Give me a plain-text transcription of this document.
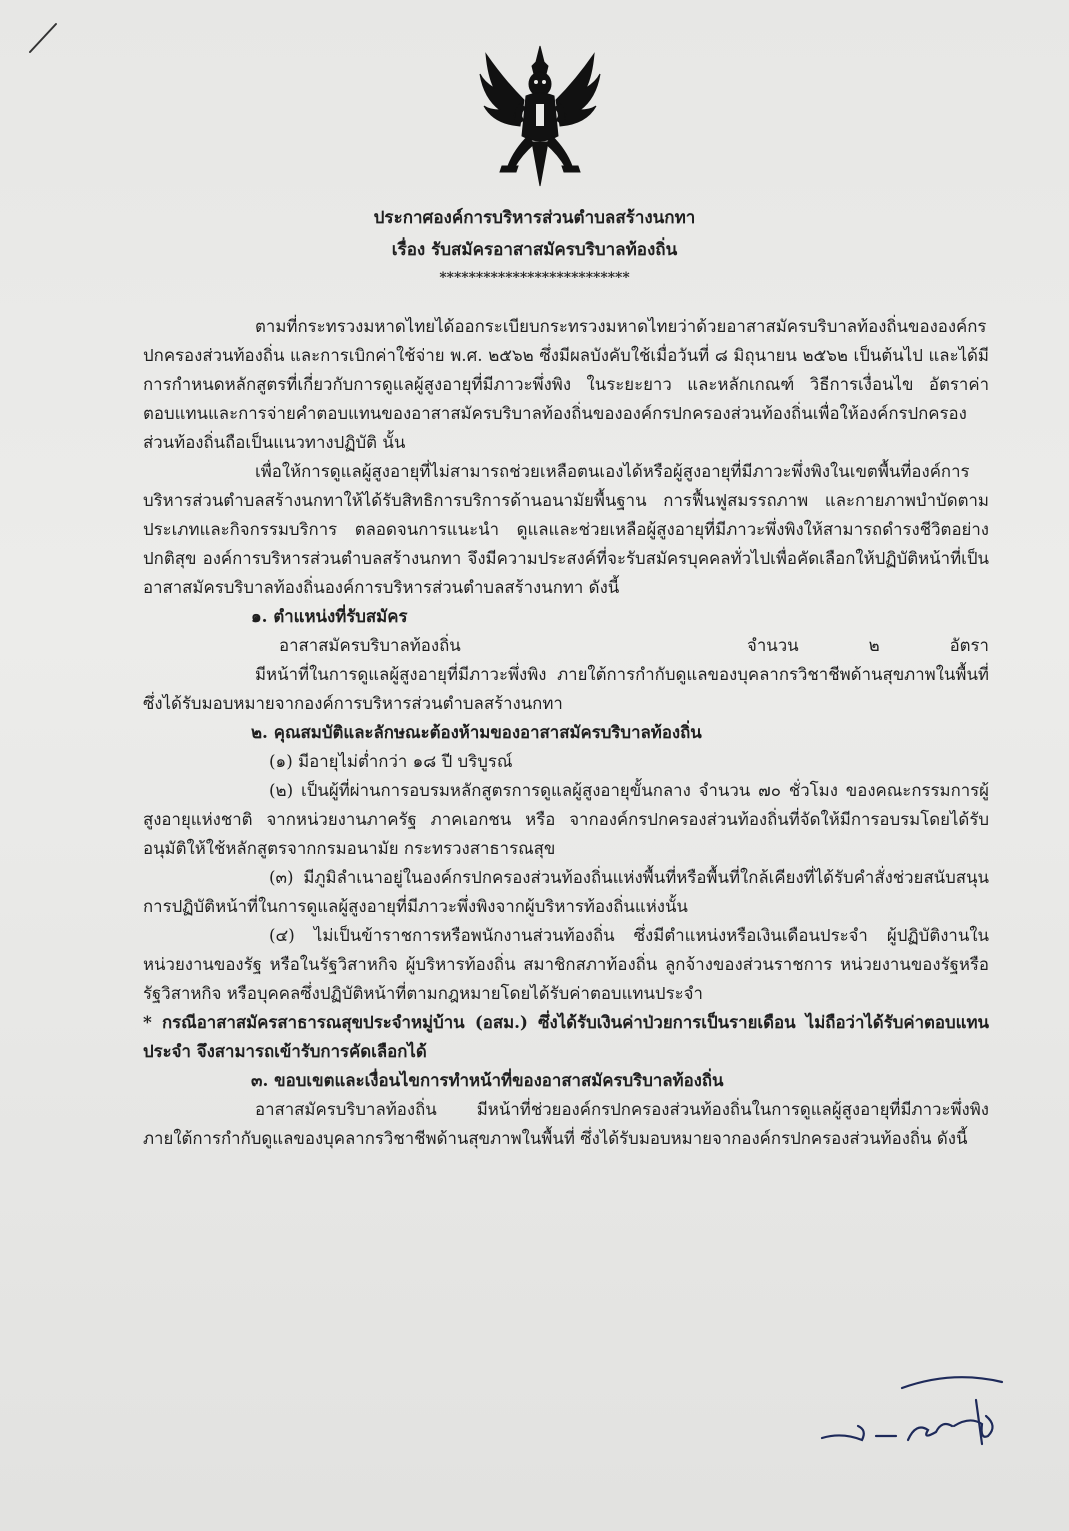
ประกาศองค์การบริหารส่วนตำบลสร้างนกทา
เรื่อง รับสมัครอาสาสมัครบริบาลท้องถิ่น
**************************

ตามที่กระทรวงมหาดไทยได้ออกระเบียบกระทรวงมหาดไทยว่าด้วยอาสาสมัครบริบาลท้องถิ่นขององค์กรปกครองส่วนท้องถิ่น และการเบิกค่าใช้จ่าย พ.ศ. ๒๕๖๒ ซึ่งมีผลบังคับใช้เมื่อวันที่ ๘ มิถุนายน ๒๕๖๒ เป็นต้นไป และได้มีการกำหนดหลักสูตรที่เกี่ยวกับการดูแลผู้สูงอายุที่มีภาวะพึ่งพิง ในระยะยาว และหลักเกณฑ์ วิธีการเงื่อนไข อัตราค่าตอบแทนและการจ่ายคำตอบแทนของอาสาสมัครบริบาลท้องถิ่นขององค์กรปกครองส่วนท้องถิ่นเพื่อให้องค์กรปกครองส่วนท้องถิ่นถือเป็นแนวทางปฏิบัติ นั้น

เพื่อให้การดูแลผู้สูงอายุที่ไม่สามารถช่วยเหลือตนเองได้หรือผู้สูงอายุที่มีภาวะพึ่งพิงในเขตพื้นที่องค์การบริหารส่วนตำบลสร้างนกทาให้ได้รับสิทธิการบริการด้านอนามัยพื้นฐาน การฟื้นฟูสมรรถภาพ และกายภาพบำบัดตามประเภทและกิจกรรมบริการ ตลอดจนการแนะนำ ดูแลและช่วยเหลือผู้สูงอายุที่มีภาวะพึ่งพิงให้สามารถดำรงชีวิตอย่างปกติสุข องค์การบริหารส่วนตำบลสร้างนกทา จึงมีความประสงค์ที่จะรับสมัครบุคคลทั่วไปเพื่อคัดเลือกให้ปฏิบัติหน้าที่เป็นอาสาสมัครบริบาลท้องถิ่นองค์การบริหารส่วนตำบลสร้างนกทา ดังนี้

๑. ตำแหน่งที่รับสมัคร

อาสาสมัครบริบาลท้องถิ่น	จำนวน	๒	อัตรา

มีหน้าที่ในการดูแลผู้สูงอายุที่มีภาวะพึ่งพิง ภายใต้การกำกับดูแลของบุคลากรวิชาชีพด้านสุขภาพในพื้นที่ ซึ่งได้รับมอบหมายจากองค์การบริหารส่วนตำบลสร้างนกทา

๒. คุณสมบัติและลักษณะต้องห้ามของอาสาสมัครบริบาลท้องถิ่น

(๑) มีอายุไม่ต่ำกว่า ๑๘ ปี บริบูรณ์

(๒) เป็นผู้ที่ผ่านการอบรมหลักสูตรการดูแลผู้สูงอายุขั้นกลาง จำนวน ๗๐ ชั่วโมง ของคณะกรรมการผู้สูงอายุแห่งชาติ จากหน่วยงานภาครัฐ ภาคเอกชน หรือ จากองค์กรปกครองส่วนท้องถิ่นที่จัดให้มีการอบรมโดยได้รับอนุมัติให้ใช้หลักสูตรจากกรมอนามัย กระทรวงสาธารณสุข

(๓) มีภูมิลำเนาอยู่ในองค์กรปกครองส่วนท้องถิ่นแห่งพื้นที่หรือพื้นที่ใกล้เคียงที่ได้รับคำสั่งช่วยสนับสนุนการปฏิบัติหน้าที่ในการดูแลผู้สูงอายุที่มีภาวะพึ่งพิงจากผู้บริหารท้องถิ่นแห่งนั้น

(๔) ไม่เป็นข้าราชการหรือพนักงานส่วนท้องถิ่น ซึ่งมีตำแหน่งหรือเงินเดือนประจำ ผู้ปฏิบัติงานในหน่วยงานของรัฐ หรือในรัฐวิสาหกิจ ผู้บริหารท้องถิ่น สมาชิกสภาท้องถิ่น ลูกจ้างของส่วนราชการ หน่วยงานของรัฐหรือรัฐวิสาหกิจ หรือบุคคลซึ่งปฏิบัติหน้าที่ตามกฎหมายโดยได้รับค่าตอบแทนประจำ

* กรณีอาสาสมัครสาธารณสุขประจำหมู่บ้าน (อสม.) ซึ่งได้รับเงินค่าป่วยการเป็นรายเดือน ไม่ถือว่าได้รับค่าตอบแทนประจำ จึงสามารถเข้ารับการคัดเลือกได้

๓. ขอบเขตและเงื่อนไขการทำหน้าที่ของอาสาสมัครบริบาลท้องถิ่น

อาสาสมัครบริบาลท้องถิ่น มีหน้าที่ช่วยองค์กรปกครองส่วนท้องถิ่นในการดูแลผู้สูงอายุที่มีภาวะพึ่งพิง ภายใต้การกำกับดูแลของบุคลากรวิชาชีพด้านสุขภาพในพื้นที่ ซึ่งได้รับมอบหมายจากองค์กรปกครองส่วนท้องถิ่น ดังนี้
